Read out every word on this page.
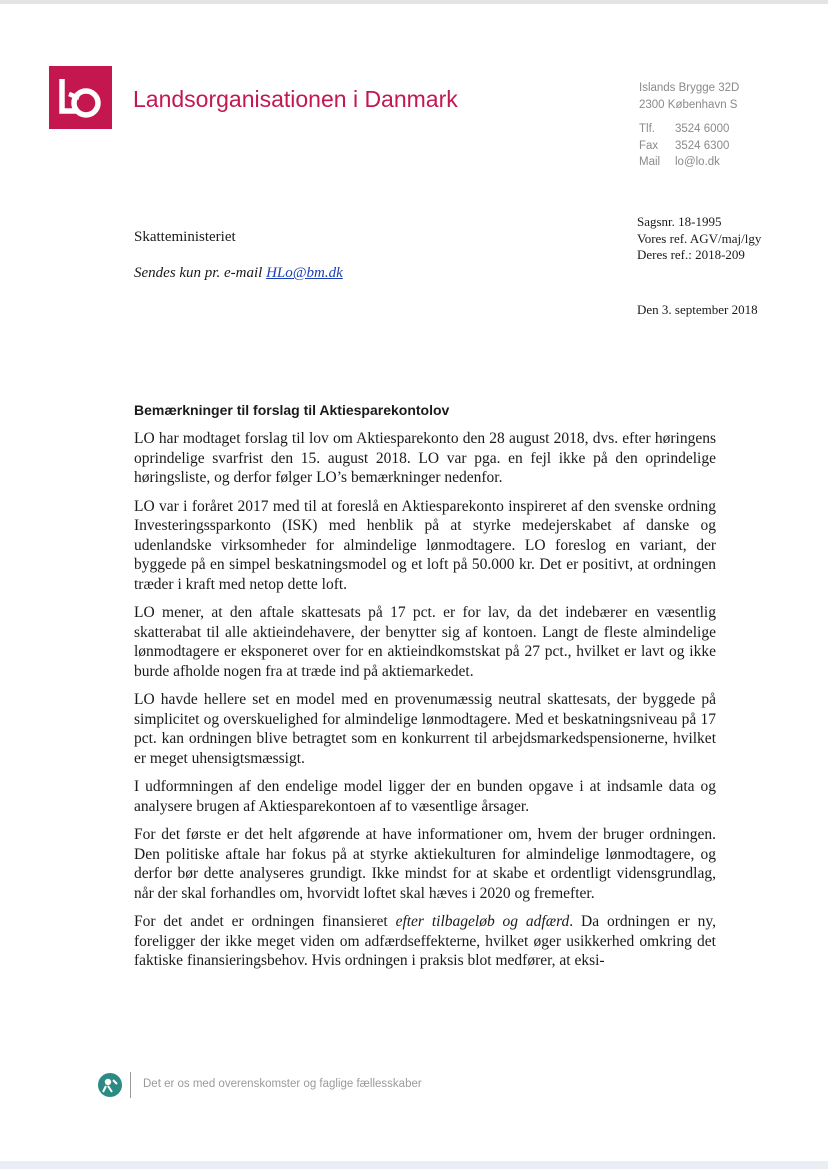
Landsorganisationen i Danmark	Islands Brygge 32D
2300 København S
Tlf. 3524 6000
Fax 3524 6300
Mail lo@lo.dk
Sagsnr. 18-1995
Vores ref. AGV/maj/lgy
Deres ref.: 2018-209
Skatteministeriet
Sendes kun pr. e-mail HLo@bm.dk
Den 3. september 2018
Bemærkninger til forslag til Aktiesparekontolov

LO har modtaget forslag til lov om Aktiesparekonto den 28 august 2018, dvs. efter høringens oprindelige svarfrist den 15. august 2018. LO var pga. en fejl ikke på den oprindelige høringsliste, og derfor følger LO’s bemærkninger nedenfor.

LO var i foråret 2017 med til at foreslå en Aktiesparekonto inspireret af den svenske ordning Investeringssparkonto (ISK) med henblik på at styrke medejerskabet af danske og udenlandske virksomheder for almindelige lønmodtagere. LO foreslog en variant, der byggede på en simpel beskatningsmodel og et loft på 50.000 kr. Det er positivt, at ordningen træder i kraft med netop dette loft.

LO mener, at den aftale skattesats på 17 pct. er for lav, da det indebærer en væsentlig skatterabat til alle aktieindehavere, der benytter sig af kontoen. Langt de fleste almindelige lønmodtagere er eksponeret over for en aktieindkomstskat på 27 pct., hvilket er lavt og ikke burde afholde nogen fra at træde ind på aktiemarkedet.

LO havde hellere set en model med en provenumæssig neutral skattesats, der byggede på simplicitet og overskuelighed for almindelige lønmodtagere. Med et beskatningsniveau på 17 pct. kan ordningen blive betragtet som en konkurrent til arbejdsmarkedspensionerne, hvilket er meget uhensigtsmæssigt.

I udformningen af den endelige model ligger der en bunden opgave i at indsamle data og analysere brugen af Aktiesparekontoen af to væsentlige årsager.

For det første er det helt afgørende at have informationer om, hvem der bruger ordningen. Den politiske aftale har fokus på at styrke aktiekulturen for almindelige lønmodtagere, og derfor bør dette analyseres grundigt. Ikke mindst for at skabe et ordentligt vidensgrundlag, når der skal forhandles om, hvorvidt loftet skal hæves i 2020 og fremefter.

For det andet er ordningen finansieret efter tilbageløb og adfærd. Da ordningen er ny, foreligger der ikke meget viden om adfærdseffekterne, hvilket øger usikkerhed omkring det faktiske finansieringsbehov. Hvis ordningen i praksis blot medfører, at eksi-

Det er os med overenskomster og faglige fællesskaber
